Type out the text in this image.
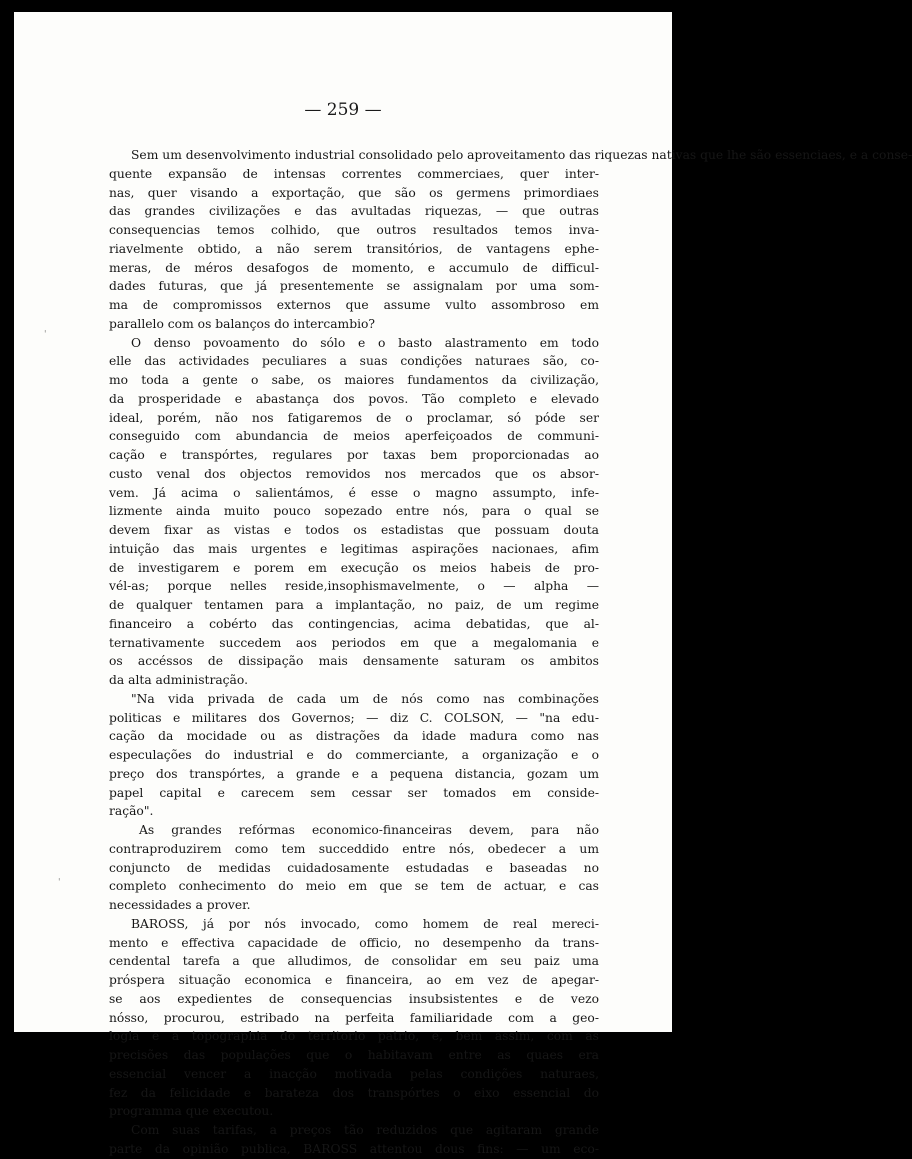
— 259 —
Sem um desenvolvimento industrial consolidado pelo aproveitamento das riquezas nativas que lhe são essenciaes, e a conse-
quente expansão de intensas correntes commerciaes, quer inter-
nas, quer visando a exportação, que são os germens primordiaes
das grandes civilizações e das avultadas riquezas, — que outras
consequencias temos colhido, que outros resultados temos inva-
riavelmente obtido, a não serem transitórios, de vantagens ephe-
meras, de méros desafogos de momento, e accumulo de difficul-
dades futuras, que já presentemente se assignalam por uma som-
ma de compromissos externos que assume vulto assombroso em
parallelo com os balanços do intercambio?
O denso povoamento do sólo e o basto alastramento em todo
elle das actividades peculiares a suas condições naturaes são, co-
mo toda a gente o sabe, os maiores fundamentos da civilização,
da prosperidade e abastança dos povos. Tão completo e elevado
ideal, porém, não nos fatigaremos de o proclamar, só póde ser
conseguido com abundancia de meios aperfeiçoados de communi-
cação e transpórtes, regulares por taxas bem proporcionadas ao
custo venal dos objectos removidos nos mercados que os absor-
vem. Já acima o salientámos, é esse o magno assumpto, infe-
lizmente ainda muito pouco sopezado entre nós, para o qual se
devem fixar as vistas e todos os estadistas que possuam douta
intuição das mais urgentes e legitimas aspirações nacionaes, afim
de investigarem e porem em execução os meios habeis de pro-
vél-as; porque nelles reside,insophismavelmente, o — alpha —
de qualquer tentamen para a implantação, no paiz, de um regime
financeiro a cobérto das contingencias, acima debatidas, que al-
ternativamente succedem aos periodos em que a megalomania e
os accéssos de dissipação mais densamente saturam os ambitos
da alta administração.
"Na vida privada de cada um de nós como nas combinações
politicas e militares dos Governos; — diz C. COLSON, — "na edu-
cação da mocidade ou as distrações da idade madura como nas
especulações do industrial e do commerciante, a organização e o
preço dos transpórtes, a grande e a pequena distancia, gozam um
papel capital e carecem sem cessar ser tomados em conside-
ração".
As grandes refórmas economico-financeiras devem, para não
contraproduzirem como tem succeddido entre nós, obedecer a um
conjuncto de medidas cuidadosamente estudadas e baseadas no
completo conhecimento do meio em que se tem de actuar, e cas
necessidades a prover.
BAROSS, já por nós invocado, como homem de real mereci-
mento e effectiva capacidade de officio, no desempenho da trans-
cendental tarefa a que alludimos, de consolidar em seu paiz uma
próspera situação economica e financeira, ao em vez de apegar-
se aos expedientes de consequencias insubsistentes e de vezo
nósso, procurou, estribado na perfeita familiaridade com a geo-
logia e a topographia do territorio patrio, e, bem assim, com as
precisões das populações que o habitavam entre as quaes era
essencial vencer a inacção motivada pelas condições naturaes,
fez da felicidade e barateza dos transpórtes o eixo essencial do
programma que executou.
Com suas tarifas, a preços tão reduzidos que agitaram grande
parte da opinião publica, BAROSS attentou dous fins: — um eco-
'
'
